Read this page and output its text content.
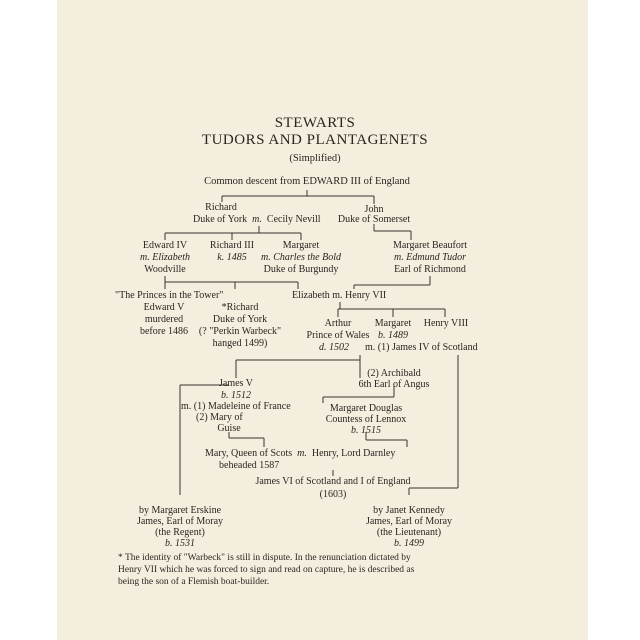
STEWARTS
TUDORS AND PLANTAGENETS
(Simplified)
Common descent from EDWARD III of England
Richard
Duke of York m. Cecily Nevill
John
Duke of Somerset
Edward IV
m. Elizabeth
Woodville
Richard III
k. 1485
Margaret
m. Charles the Bold
Duke of Burgundy
Margaret Beaufort
m. Edmund Tudor
Earl of Richmond
"The Princes in the Tower"
Edward V
murdered
before 1486
*Richard
Duke of York
(? "Perkin Warbeck"
hanged 1499)
Elizabeth m. Henry VII
Arthur
Prince of Wales
d. 1502
Margaret
b. 1489
m. (1) James IV of Scotland
Henry VIII
(2) Archibald
6th Earl of Angus
James V
b. 1512
m. (1) Madeleine of France
(2) Mary of
Guise
Margaret Douglas
Countess of Lennox
b. 1515
Mary, Queen of Scots m. Henry, Lord Darnley
beheaded 1587
James VI of Scotland and I of England
(1603)
by Margaret Erskine
James, Earl of Moray
(the Regent)
b. 1531
by Janet Kennedy
James, Earl of Moray
(the Lieutenant)
b. 1499
* The identity of "Warbeck" is still in dispute. In the renunciation dictated by
Henry VII which he was forced to sign and read on capture, he is described as
being the son of a Flemish boat-builder.
